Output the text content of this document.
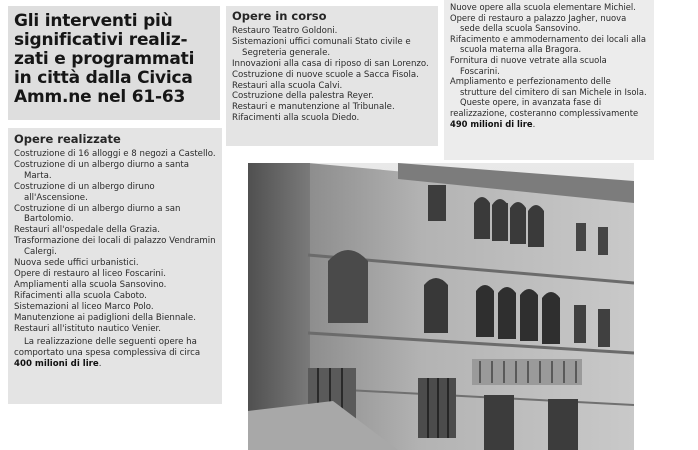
Gli interventi più
significativi realiz-
zati e programmati
in città dalla Civica
Amm.ne nel 61-63
Opere realizzate
Costruzione di 16 alloggi e 8 negozi a Castello.
Costruzione di un albergo diurno a santa Marta.
Costruzione di un albergo diruno all'Ascensione.
Costruzione di un albergo diurno a san Bartolomio.
Restauri all'ospedale della Grazia.
Trasformazione dei locali di palazzo Vendramin Calergi.
Nuova sede uffici urbanistici.
Opere di restauro al liceo Foscarini.
Ampliamenti alla scuola Sansovino.
Rifacimenti alla scuola Caboto.
Sistemazioni al liceo Marco Polo.
Manutenzione ai padiglioni della Biennale.
Restauri all'istituto nautico Venier.
La realizzazione delle seguenti opere ha comportato una spesa complessiva di circa 400 milioni di lire.
Opere in corso
Restauro Teatro Goldoni.
Sistemazioni uffici comunali Stato civile e Segreteria generale.
Innovazioni alla casa di riposo di san Lorenzo.
Costruzione di nuove scuole a Sacca Fisola.
Restauri alla scuola Calvi.
Costruzione della palestra Reyer.
Restauri e manutenzione al Tribunale.
Rifacimenti alla scuola Diedo.
Nuove opere alla scuola elementare Michiel.
Opere di restauro a palazzo Jagher, nuova sede della scuola Sansovino.
Rifacimento e ammodernamento dei locali alla scuola materna alla Bragora.
Fornitura di nuove vetrate alla scuola Foscarini.
Ampliamento e perfezionamento delle strutture del cimitero di san Michele in Isola.
Queste opere, in avanzata fase di realizzazione, costeranno complessivamente 490 milioni di lire.
